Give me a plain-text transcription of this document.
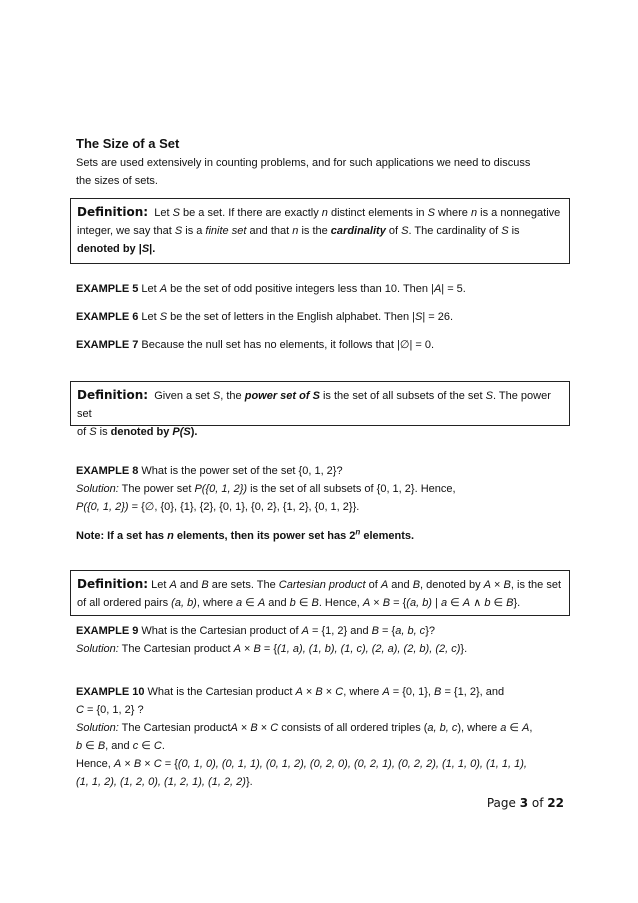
The Size of a Set
Sets are used extensively in counting problems, and for such applications we need to discuss
the sizes of sets.
Definition: Let S be a set. If there are exactly n distinct elements in S where n is a nonnegative
integer, we say that S is a finite set and that n is the cardinality of S. The cardinality of S is
denoted by |S|.
EXAMPLE 5 Let A be the set of odd positive integers less than 10. Then |A| = 5.
EXAMPLE 6 Let S be the set of letters in the English alphabet. Then |S| = 26.
EXAMPLE 7 Because the null set has no elements, it follows that |∅| = 0.
Definition: Given a set S, the power set of S is the set of all subsets of the set S. The power set
of S is denoted by P(S).
EXAMPLE 8 What is the power set of the set {0, 1, 2}?
Solution: The power set P({0, 1, 2}) is the set of all subsets of {0, 1, 2}. Hence,
P({0, 1, 2}) = {∅, {0}, {1}, {2}, {0, 1}, {0, 2}, {1, 2}, {0, 1, 2}}.
Note: If a set has n elements, then its power set has 2$^n$ elements.
Definition: Let A and B are sets. The Cartesian product of A and B, denoted by A × B, is the set
of all ordered pairs (a, b), where a ∈ A and b ∈ B. Hence, A × B = {(a, b) | a ∈ A ∧ b ∈ B}.
EXAMPLE 9 What is the Cartesian product of A = {1, 2} and B = {a, b, c}?
Solution: The Cartesian product A × B = {(1, a), (1, b), (1, c), (2, a), (2, b), (2, c)}.
EXAMPLE 10 What is the Cartesian product A × B × C, where A = {0, 1}, B = {1, 2}, and
C = {0, 1, 2} ?
Solution: The Cartesian productA × B × C consists of all ordered triples (a, b, c), where a ∈ A,
b ∈ B, and c ∈ C.
Hence, A × B × C = {(0, 1, 0), (0, 1, 1), (0, 1, 2), (0, 2, 0), (0, 2, 1), (0, 2, 2), (1, 1, 0), (1, 1, 1),
(1, 1, 2), (1, 2, 0), (1, 2, 1), (1, 2, 2)}.
Page 3 of 22
